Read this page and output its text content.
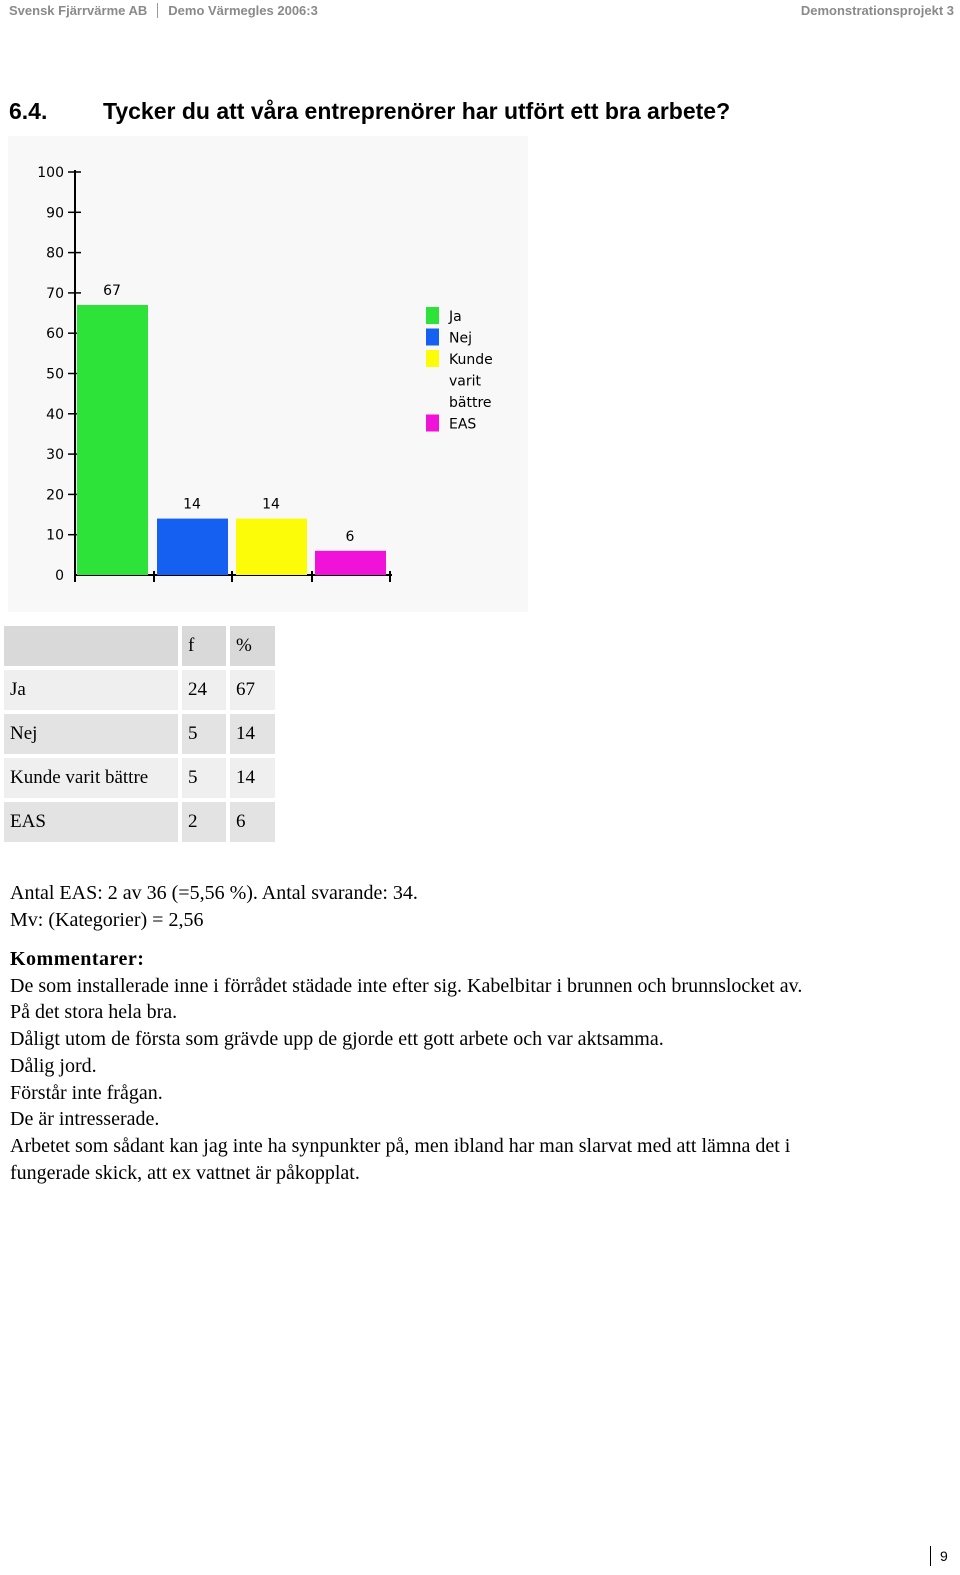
Svensk Fjärrvärme AB Demo Värmegles 2006:3	Demonstrationsprojekt 3
6.4. Tycker du att våra entreprenörer har utfört ett bra arbete?
0
10
20
30
40
50
60
70
80
90
100
67
14	14
6
Ja
Nej
Kunde
varit
bättre
EAS
	f	%
Ja	24	67
Nej	5	14
Kunde varit bättre	5	14
EAS	2	6
Antal EAS: 2 av 36 (=5,56 %). Antal svarande: 34.
Mv: (Kategorier) = 2,56
Kommentarer:
De som installerade inne i förrådet städade inte efter sig. Kabelbitar i brunnen och brunnslocket av.
På det stora hela bra.
Dåligt utom de första som grävde upp de gjorde ett gott arbete och var aktsamma.
Dålig jord.
Förstår inte frågan.
De är intresserade.
Arbetet som sådant kan jag inte ha synpunkter på, men ibland har man slarvat med att lämna det i fungerade skick, att ex vattnet är påkopplat.
9
